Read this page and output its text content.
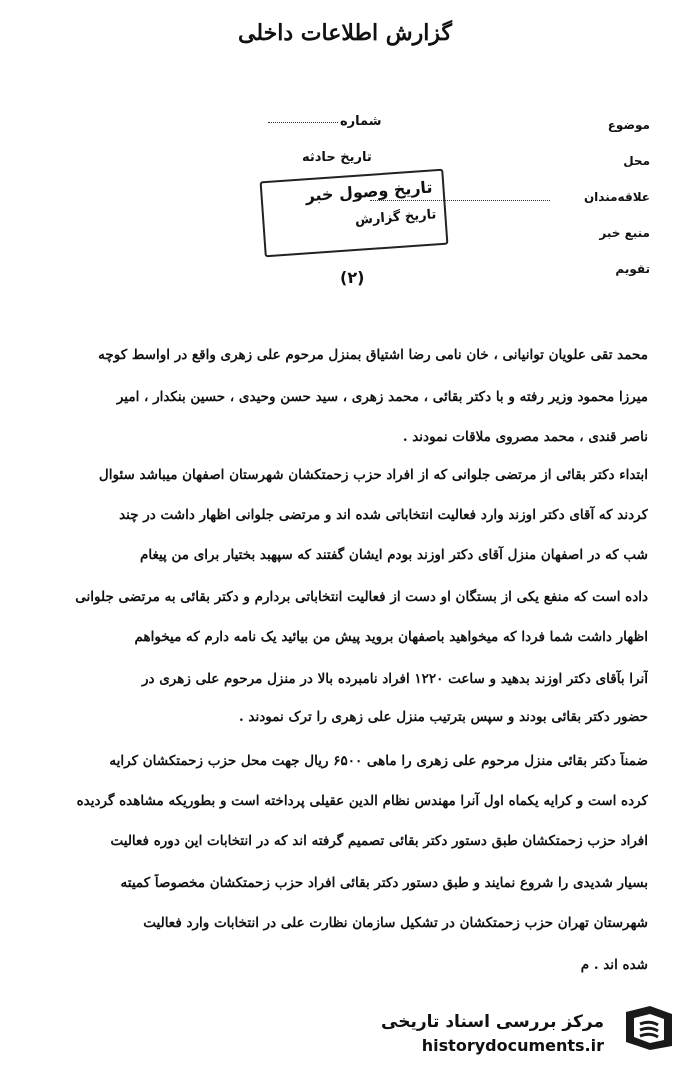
گزارش اطلاعات داخلی
شماره
تاریخ حادثه
موضوع
محل
علاقه‌مندان
منبع خبر
تقویم
تاریخ وصول خبر
تاریخ گزارش
(۲)
محمد تقی علویان توانیانی ، خان نامی رضا اشتیاق بمنزل مرحوم علی زهری واقع در اواسط کوچه
میرزا محمود وزیر رفته و با دکتر بقائی ، محمد زهری ، سید حسن وحیدی ، حسین بنکدار ، امیر
ناصر قندی ، محمد مصروی ملاقات نمودند .
ابتداء دکتر بقائی از مرتضی جلوانی که از افراد حزب زحمتکشان شهرستان اصفهان میباشد سئوال
کردند که آقای دکتر اوزند وارد فعالیت انتخاباتی شده اند و مرتضی جلوانی اظهار داشت در چند
شب که در اصفهان منزل آقای دکتر اوزند بودم ایشان گفتند که سپهبد بختیار برای من پیغام
داده است که منفع یکی از بستگان او دست از فعالیت انتخاباتی بردارم و دکتر بقائی به مرتضی جلوانی
اظهار داشت شما فردا که میخواهید باصفهان بروید پیش من بیائید یک نامه دارم که میخواهم
آنرا بآقای دکتر اوزند بدهید و ساعت ۱۲۲۰ افراد نامبرده بالا در منزل مرحوم علی زهری در
حضور دکتر بقائی بودند و سپس بترتیب منزل علی زهری را ترک نمودند .
ضمناً دکتر بقائی منزل مرحوم علی زهری را ماهی ۶۵۰۰ ریال جهت محل حزب زحمتکشان کرایه
کرده است و کرایه یکماه اول آنرا مهندس نظام الدین عقیلی پرداخته است و بطوریکه مشاهده گردیده
افراد حزب زحمتکشان طبق دستور دکتر بقائی تصمیم گرفته اند که در انتخابات این دوره فعالیت
بسیار شدیدی را شروع نمایند و طبق دستور دکتر بقائی افراد حزب زحمتکشان مخصوصاً کمیته
شهرستان تهران حزب زحمتکشان در تشکیل سازمان نظارت علی در انتخابات وارد فعالیت
شده اند . م
مرکز بررسی اسناد تاریخی
historydocuments.ir
